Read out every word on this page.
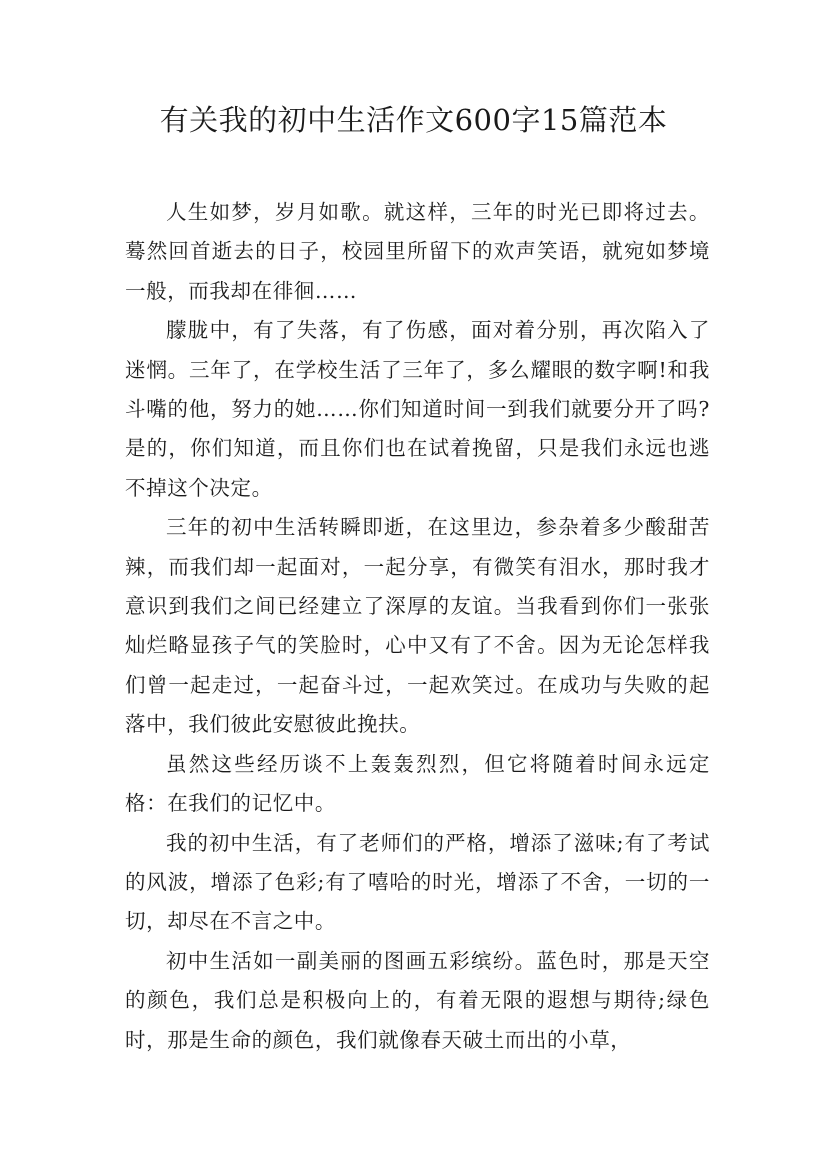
有关我的初中生活作文600字15篇范本

人生如梦，岁月如歌。就这样，三年的时光已即将过去。蓦然回首逝去的日子，校园里所留下的欢声笑语，就宛如梦境一般，而我却在徘徊……

朦胧中，有了失落，有了伤感，面对着分别，再次陷入了迷惘。三年了，在学校生活了三年了，多么耀眼的数字啊!和我斗嘴的他，努力的她……你们知道时间一到我们就要分开了吗?是的，你们知道，而且你们也在试着挽留，只是我们永远也逃不掉这个决定。

三年的初中生活转瞬即逝，在这里边，参杂着多少酸甜苦辣，而我们却一起面对，一起分享，有微笑有泪水，那时我才意识到我们之间已经建立了深厚的友谊。当我看到你们一张张灿烂略显孩子气的笑脸时，心中又有了不舍。因为无论怎样我们曾一起走过，一起奋斗过，一起欢笑过。在成功与失败的起落中，我们彼此安慰彼此挽扶。

虽然这些经历谈不上轰轰烈烈，但它将随着时间永远定格：在我们的记忆中。

我的初中生活，有了老师们的严格，增添了滋味;有了考试的风波，增添了色彩;有了嘻哈的时光，增添了不舍，一切的一切，却尽在不言之中。

初中生活如一副美丽的图画五彩缤纷。蓝色时，那是天空的颜色，我们总是积极向上的，有着无限的遐想与期待;绿色时，那是生命的颜色，我们就像春天破土而出的小草，
